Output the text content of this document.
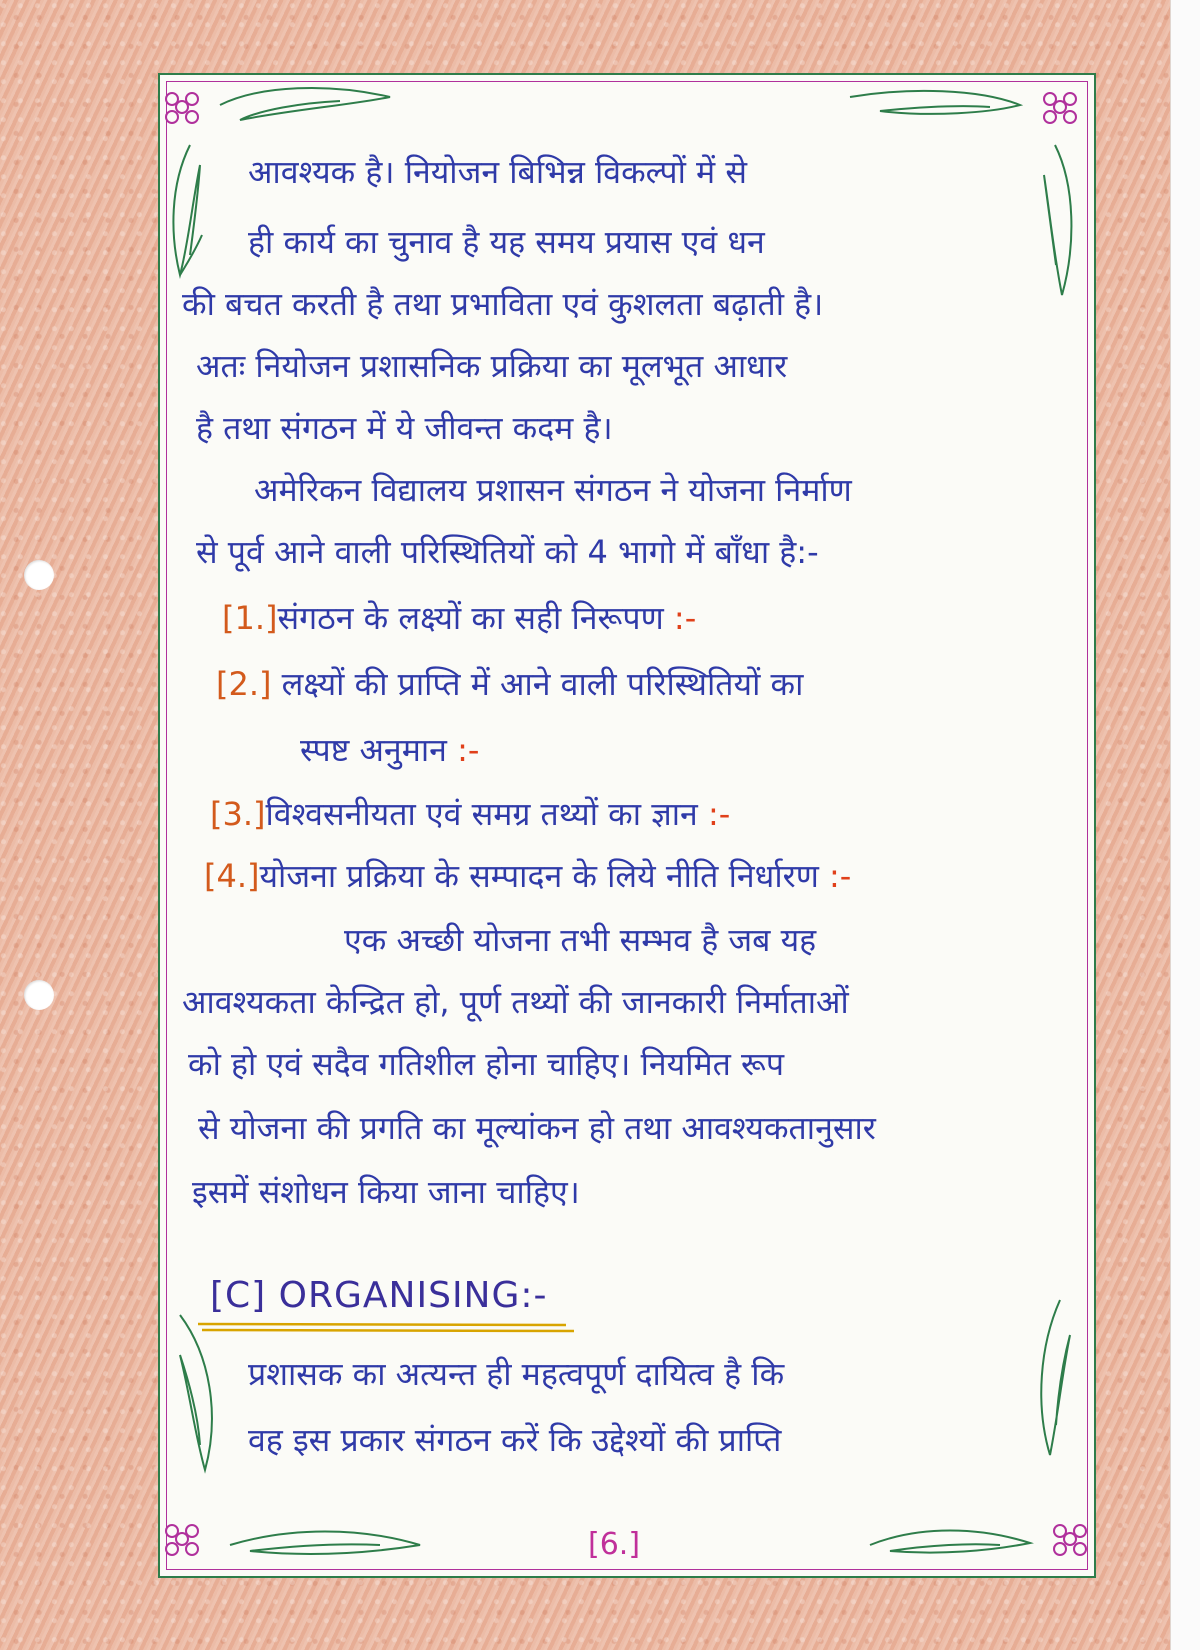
आवश्यक है। नियोजन बिभिन्न विकल्पों में से
ही कार्य का चुनाव है यह समय प्रयास एवं धन
की बचत करती है तथा प्रभाविता एवं कुशलता बढ़ाती है।
अतः नियोजन प्रशासनिक प्रक्रिया का मूलभूत आधार
है तथा संगठन में ये जीवन्त कदम है।
अमेरिकन विद्यालय प्रशासन संगठन ने योजना निर्माण
से पूर्व आने वाली परिस्थितियों को 4 भागो में बाँधा है:-
[1.]संगठन के लक्ष्यों का सही निरूपण :-
[2.] लक्ष्यों की प्राप्ति में आने वाली परिस्थितियों का
स्पष्ट अनुमान :-
[3.]विश्वसनीयता एवं समग्र तथ्यों का ज्ञान :-
[4.]योजना प्रक्रिया के सम्पादन के लिये नीति निर्धारण :-
एक अच्छी योजना तभी सम्भव है जब यह
आवश्यकता केन्द्रित हो, पूर्ण तथ्यों की जानकारी निर्माताओं
को हो एवं सदैव गतिशील होना चाहिए। नियमित रूप
से योजना की प्रगति का मूल्यांकन हो तथा आवश्यकतानुसार
इसमें संशोधन किया जाना चाहिए।
[C] ORGANISING:-
प्रशासक का अत्यन्त ही महत्वपूर्ण दायित्व है कि
वह इस प्रकार संगठन करें कि उद्देश्यों की प्राप्ति
[6.]
